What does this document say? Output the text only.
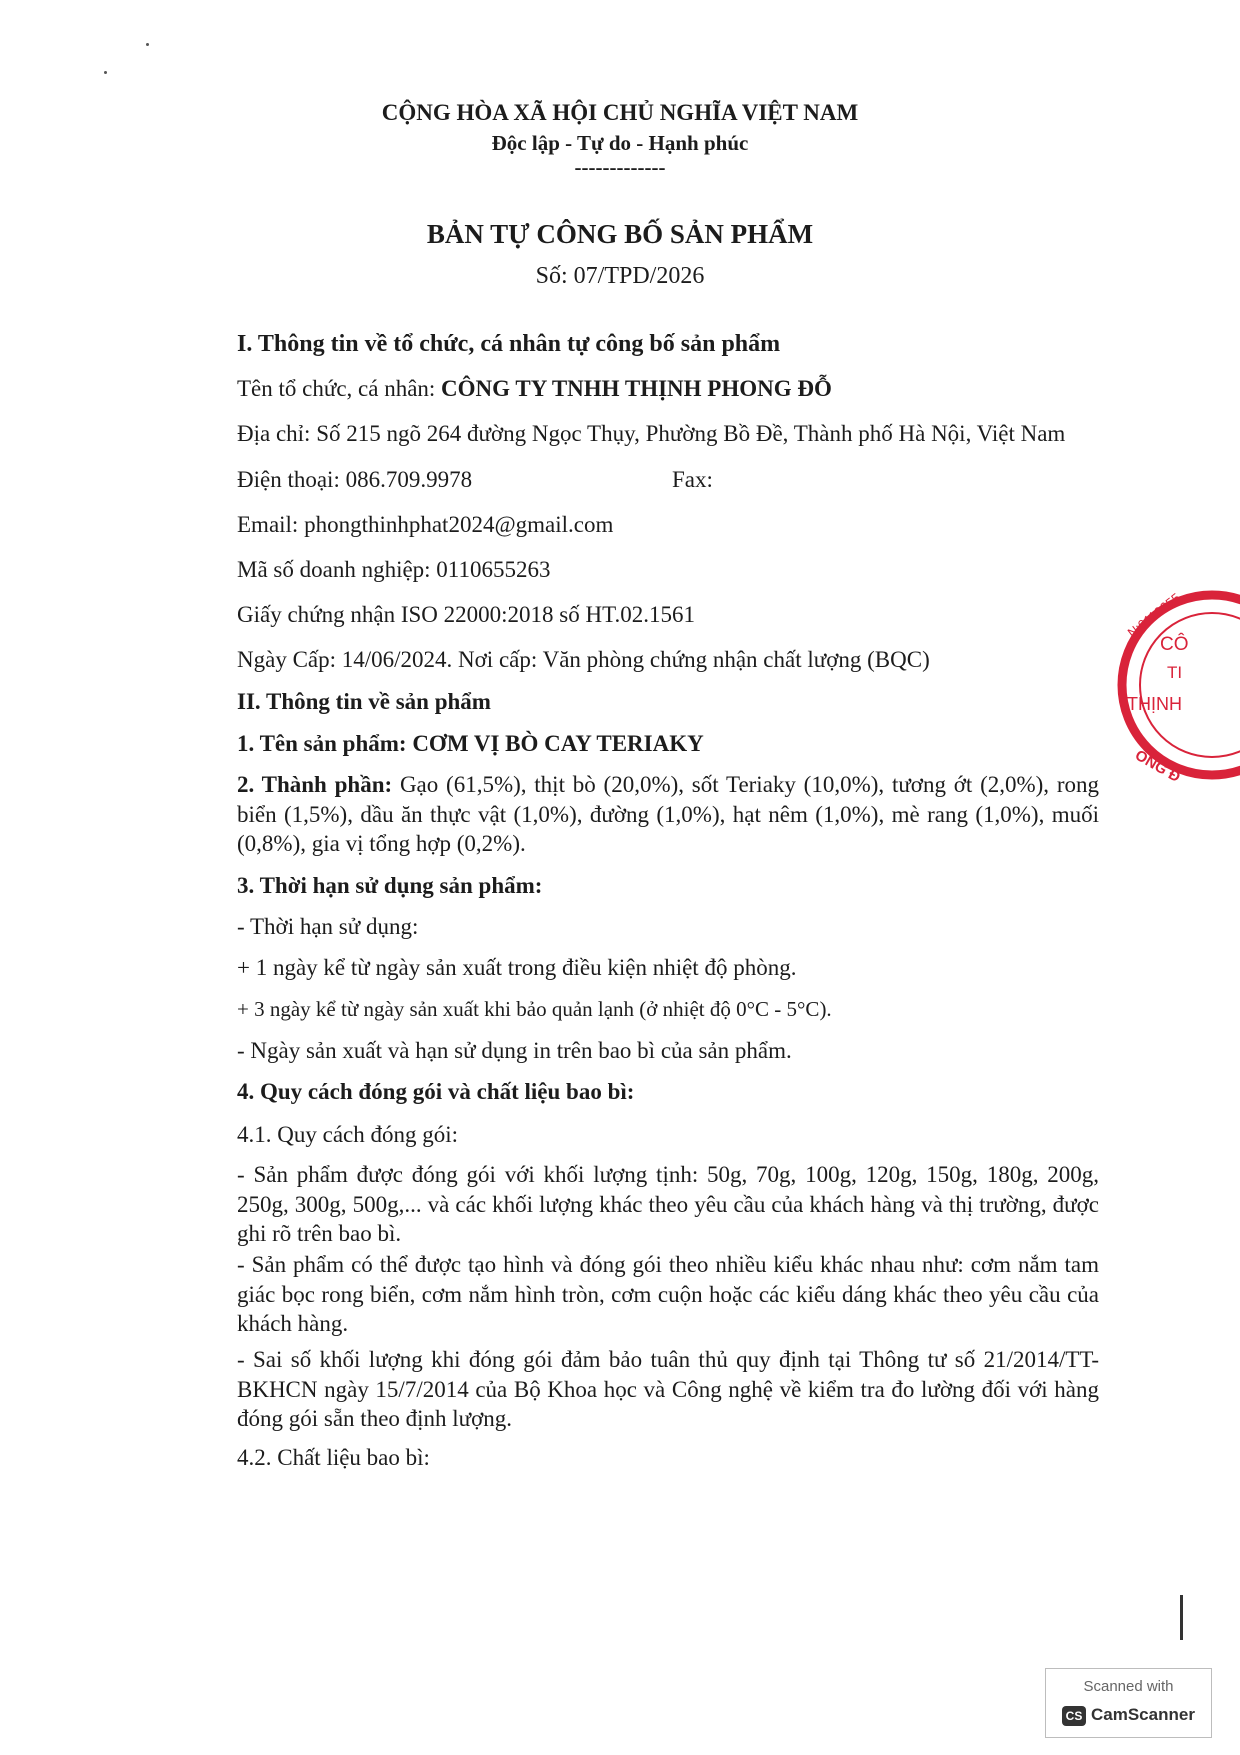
CỘNG HÒA XÃ HỘI CHỦ NGHĨA VIỆT NAM
Độc lập - Tự do - Hạnh phúc
-------------
BẢN TỰ CÔNG BỐ SẢN PHẨM
Số: 07/TPD/2026
I. Thông tin về tổ chức, cá nhân tự công bố sản phẩm
Tên tổ chức, cá nhân: CÔNG TY TNHH THỊNH PHONG ĐỖ
Địa chỉ: Số 215 ngõ 264 đường Ngọc Thụy, Phường Bồ Đề, Thành phố Hà Nội, Việt Nam
Điện thoại: 086.709.9978	Fax:
Email: phongthinhphat2024@gmail.com
Mã số doanh nghiệp: 0110655263
Giấy chứng nhận ISO 22000:2018 số HT.02.1561
Ngày Cấp: 14/06/2024. Nơi cấp: Văn phòng chứng nhận chất lượng (BQC)
II. Thông tin về sản phẩm
1. Tên sản phẩm: CƠM VỊ BÒ CAY TERIAKY
2. Thành phần: Gạo (61,5%), thịt bò (20,0%), sốt Teriaky (10,0%), tương ớt (2,0%), rong biển (1,5%), dầu ăn thực vật (1,0%), đường (1,0%), hạt nêm (1,0%), mè rang (1,0%), muối (0,8%), gia vị tổng hợp (0,2%).
3. Thời hạn sử dụng sản phẩm:
- Thời hạn sử dụng:
+ 1 ngày kể từ ngày sản xuất trong điều kiện nhiệt độ phòng.
+ 3 ngày kể từ ngày sản xuất khi bảo quản lạnh (ở nhiệt độ 0°C - 5°C).
- Ngày sản xuất và hạn sử dụng in trên bao bì của sản phẩm.
4. Quy cách đóng gói và chất liệu bao bì:
4.1. Quy cách đóng gói:
- Sản phẩm được đóng gói với khối lượng tịnh: 50g, 70g, 100g, 120g, 150g, 180g, 200g, 250g, 300g, 500g,... và các khối lượng khác theo yêu cầu của khách hàng và thị trường, được ghi rõ trên bao bì.
- Sản phẩm có thể được tạo hình và đóng gói theo nhiều kiểu khác nhau như: cơm nắm tam giác bọc rong biển, cơm nắm hình tròn, cơm cuộn hoặc các kiểu dáng khác theo yêu cầu của khách hàng.
- Sai số khối lượng khi đóng gói đảm bảo tuân thủ quy định tại Thông tư số 21/2014/TT-BKHCN ngày 15/7/2014 của Bộ Khoa học và Công nghệ về kiểm tra đo lường đối với hàng đóng gói sẵn theo định lượng.
4.2. Chất liệu bao bì:
N:0110655
CÔ
TI
THỊNH
ONG Đ
Scanned with
CS CamScanner
